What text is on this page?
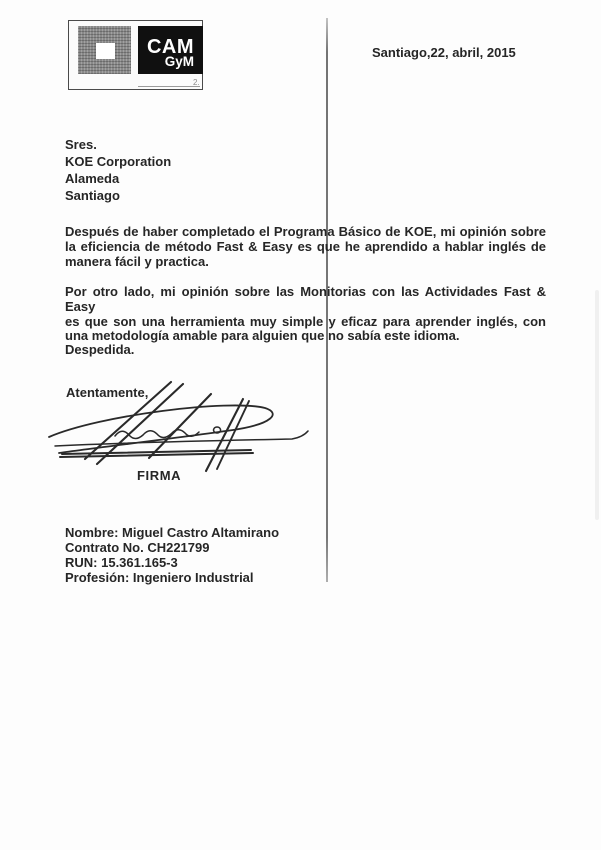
CAM
GyM
2.
Santiago,22, abril, 2015
Sres.
KOE Corporation
Alameda
Santiago
Después de haber completado el Programa Básico de KOE, mi opinión sobre
la eficiencia de método Fast & Easy es que he aprendido a hablar inglés de
manera fácil y practica.
Por otro lado, mi opinión sobre las Monitorias con las Actividades Fast & Easy
es que son una herramienta muy simple y eficaz para aprender inglés, con
una metodología amable para alguien que no sabía este idioma.
Despedida.
Atentamente,
FIRMA
Nombre: Miguel Castro Altamirano
Contrato No. CH221799
RUN: 15.361.165-3
Profesión: Ingeniero Industrial
